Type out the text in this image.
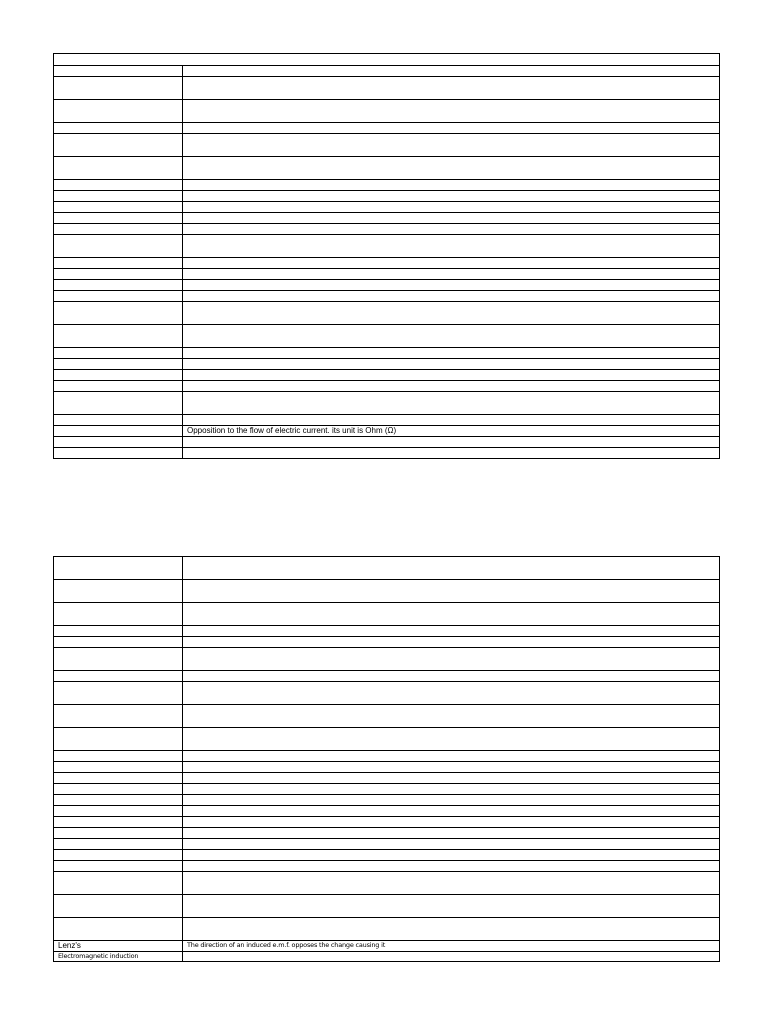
	Opposition to the flow of electric current. its unit is Ohm (Ω)

Lenz's	The direction of an induced e.m.f. opposes the change causing it
Electromagnetic induction	
